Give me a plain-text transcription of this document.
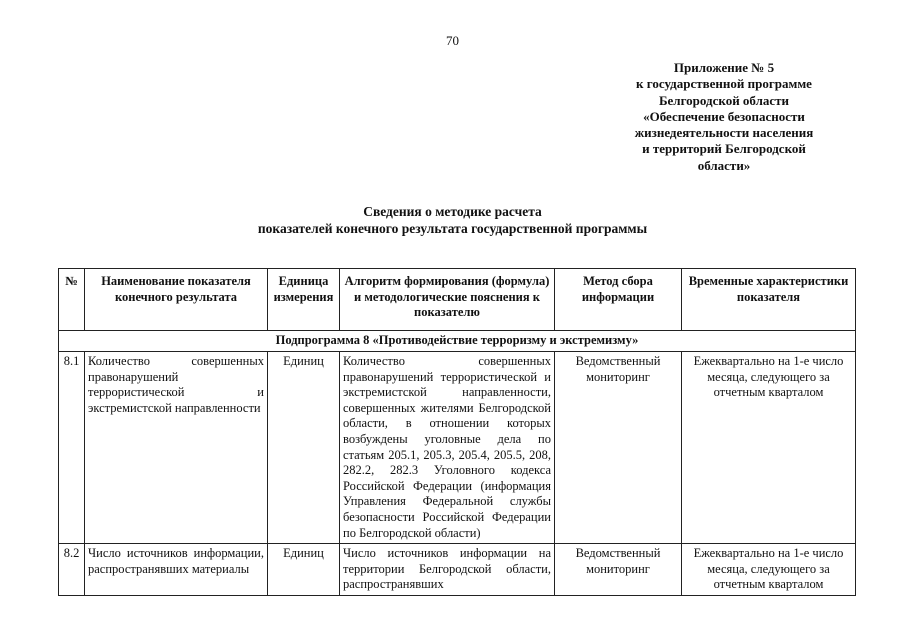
70
Приложение № 5
к государственной программе
Белгородской области
«Обеспечение безопасности
жизнедеятельности населения
и территорий Белгородской
области»
Сведения о методике расчета
показателей конечного результата государственной программы
№	Наименование показателя конечного результата	Единица измерения	Алгоритм формирования (формула) и методологические пояснения к показателю	Метод сбора информации	Временные характеристики показателя
Подпрограмма 8 «Противодействие терроризму и экстремизму»					
8.1	Количество совершенных правонарушений террористической и экстремистской направленности	Единиц	Количество совершенных правонарушений террористической и экстремистской направленности, совершенных жителями Белгородской области, в отношении которых возбуждены уголовные дела по статьям 205.1, 205.3, 205.4, 205.5, 208, 282.2, 282.3 Уголовного кодекса Российской Федерации (информация Управления Федеральной службы безопасности Российской Федерации по Белгородской области)	Ведомственный мониторинг	Ежеквартально на 1-е число месяца, следующего за отчетным кварталом
8.2	Число источников информации, распространявших материалы	Единиц	Число источников информации на территории Белгородской области, распространявших	Ведомственный мониторинг	Ежеквартально на 1-е число месяца, следующего за отчетным кварталом
